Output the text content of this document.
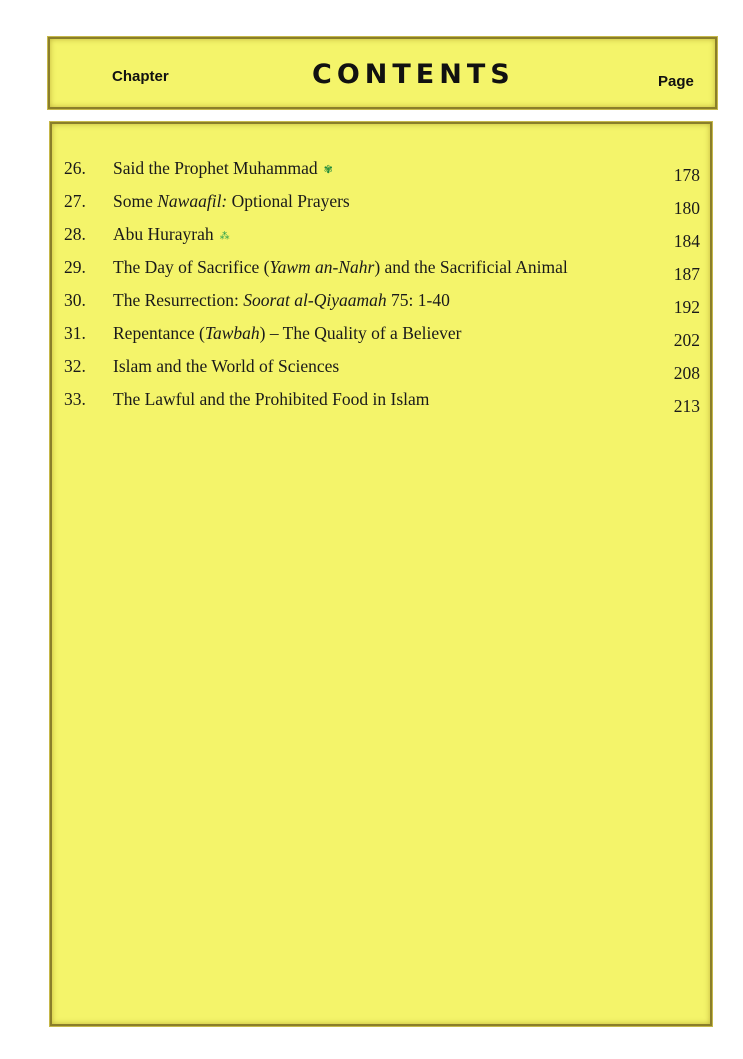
Chapter	CONTENTS	Page
26. Said the Prophet Muhammad ✾	178
27. Some Nawaafil: Optional Prayers	180
28. Abu Hurayrah ⁂	184
29. The Day of Sacrifice (Yawm an-Nahr) and the Sacrificial Animal	187
30. The Resurrection: Soorat al-Qiyaamah 75: 1-40	192
31. Repentance (Tawbah) – The Quality of a Believer	202
32. Islam and the World of Sciences	208
33. The Lawful and the Prohibited Food in Islam	213
